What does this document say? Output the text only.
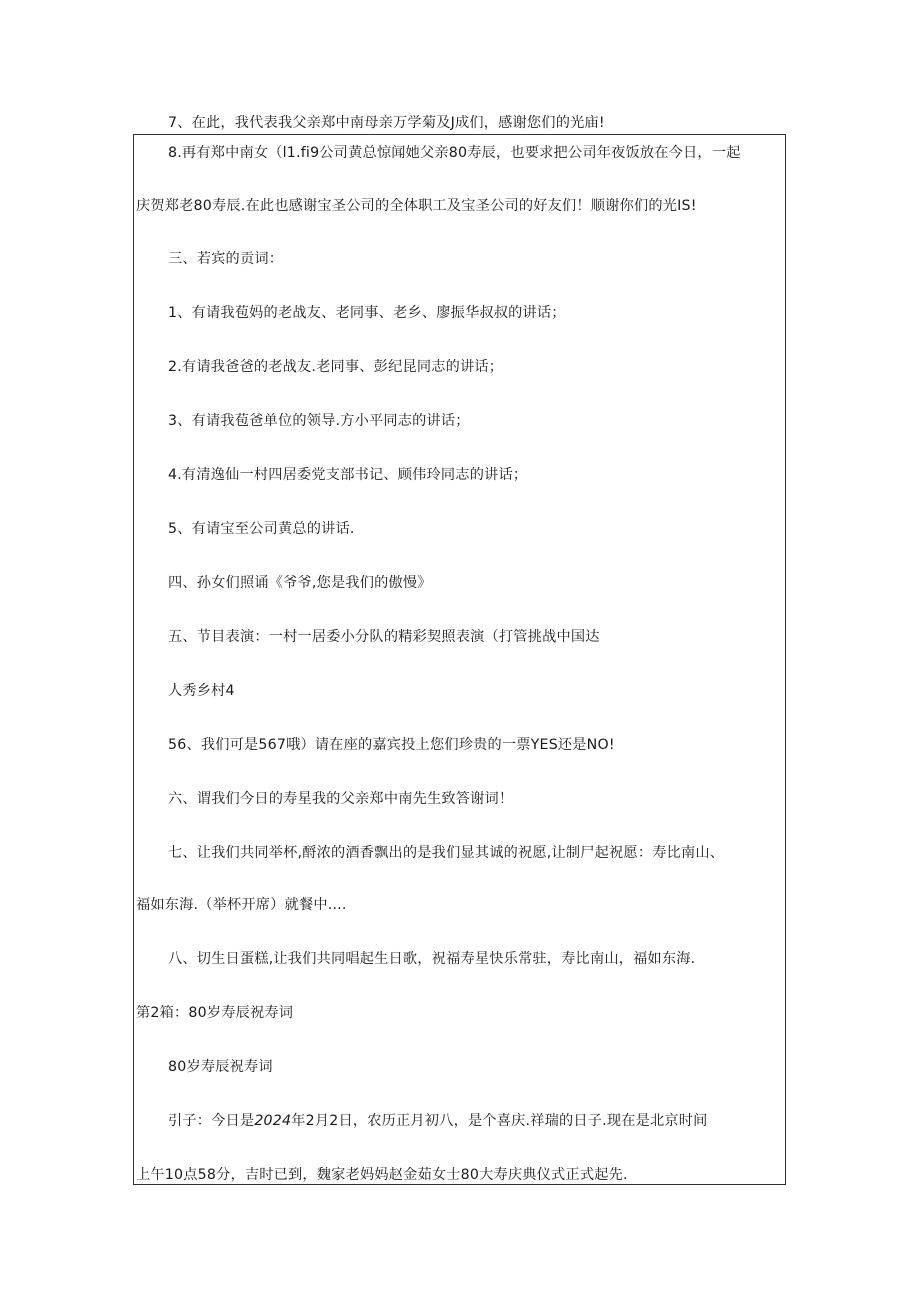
7、在此，我代表我父亲郑中南母亲万学菊及J成们，感谢您们的光庙!
8.再有郑中南女（l1.fi9公司黄总惊闻她父亲80寿辰，也要求把公司年夜饭放在今日，一起
庆贺郑老80寿辰.在此也感谢宝圣公司的全体职工及宝圣公司的好友们！顺谢你们的光IS!
三、若宾的贡词：
1、有请我苞妈的老战友、老同事、老乡、廖振华叔叔的讲话；
2.有请我爸爸的老战友.老同事、彭纪昆同志的讲话；
3、有请我苞爸单位的领导.方小平同志的讲话；
4.有清逸仙一村四居委党支部书记、顾伟玲同志的讲话；
5、有请宝至公司黄总的讲话.
四、孙女们照诵《爷爷,您是我们的傲慢》
五、节目表演：一村一居委小分队的精彩契照表演（打管挑战中国达
人秀乡村4
56、我们可是567哦）请在座的嘉宾投上您们珍贵的一票YES还是NO!
六、谓我们今日的寿星我的父亲郑中南先生致答谢词！
七、让我们共同举杯,酹浓的酒香飘出的是我们显其诚的祝愿,让制尸起祝愿：寿比南山、
福如东海.（举杯开席）就餐中....
八、切生日蛋糕,让我们共同唱起生日歌，祝福寿星快乐常驻，寿比南山，福如东海.
第2箱：80岁寿辰祝寿词
80岁寿辰祝寿词
引子：今日是2024年2月2日，农历正月初八，是个喜庆.祥瑞的日子.现在是北京时间
上午10点58分，吉时已到，魏家老妈妈赵金茹女士80大寿庆典仪式正式起先.
